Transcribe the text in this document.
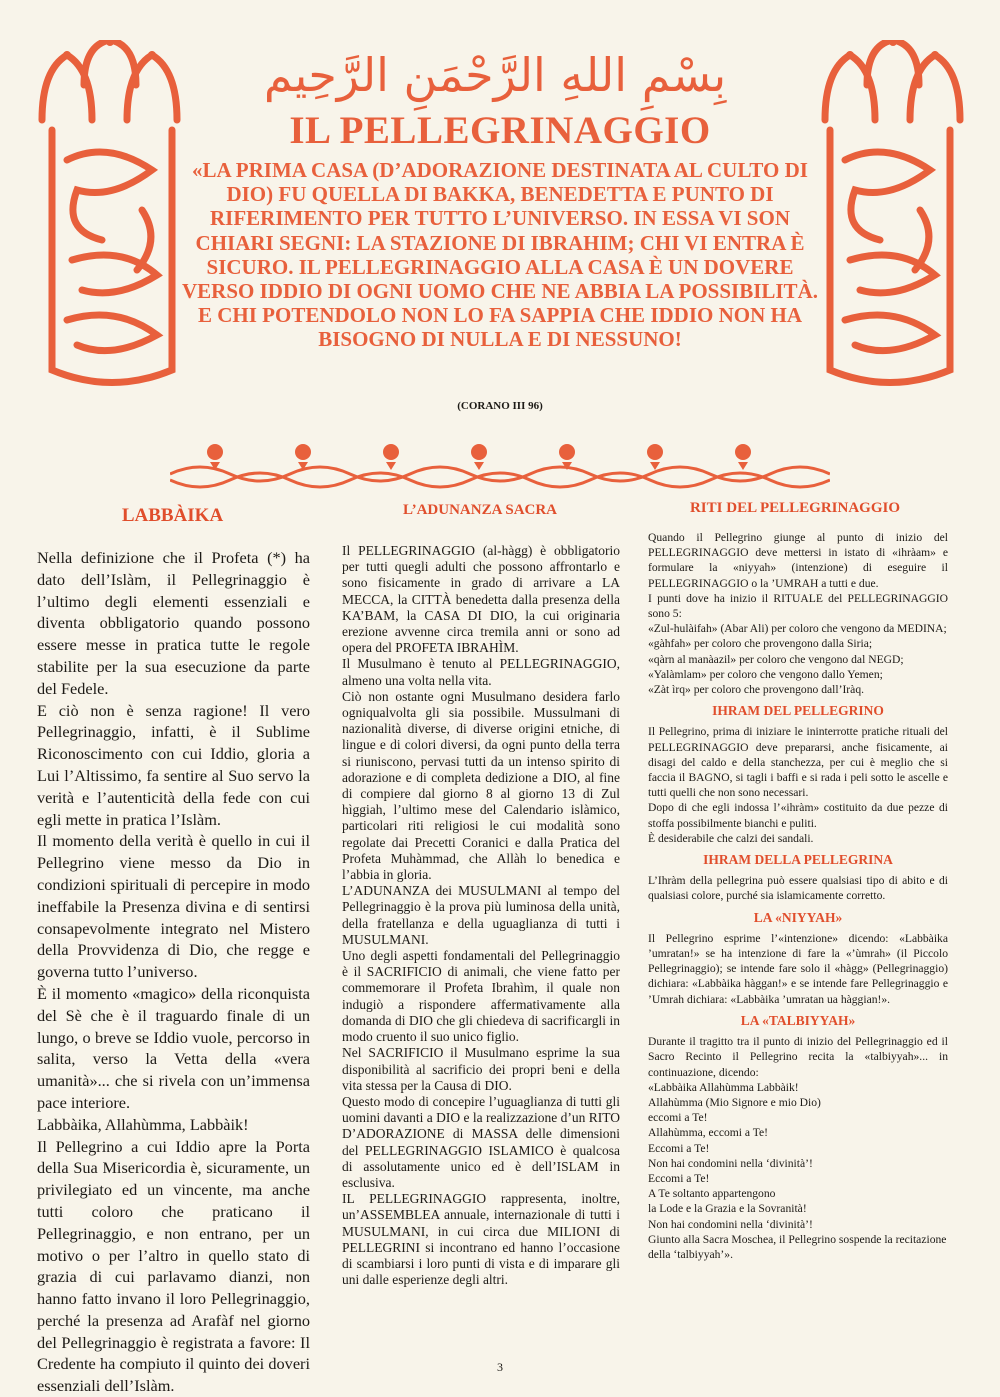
بِسْمِ اللهِ الرَّحْمَنِ الرَّحِيم
IL PELLEGRINAGGIO
«LA PRIMA CASA (D’ADORAZIONE DESTINATA AL CULTO DI DIO) FU QUELLA DI BAKKA, BENEDETTA E PUNTO DI RIFERIMENTO PER TUTTO L’UNIVERSO. IN ESSA VI SON CHIARI SEGNI: LA STAZIONE DI IBRAHIM; CHI VI ENTRA È SICURO. IL PELLEGRINAGGIO ALLA CASA È UN DOVERE VERSO IDDIO DI OGNI UOMO CHE NE ABBIA LA POSSIBILITÀ. E CHI POTENDOLO NON LO FA SAPPIA CHE IDDIO NON HA BISOGNO DI NULLA E DI NESSUNO!
(CORANO III 96)
LABBÀIKA

Nella definizione che il Profeta (*) ha dato dell’Islàm, il Pellegrinaggio è l’ultimo degli elementi essenziali e diventa obbligatorio quando possono essere messe in pratica tutte le regole stabilite per la sua esecuzione da parte del Fedele.

E ciò non è senza ragione! Il vero Pellegrinaggio, infatti, è il Sublime Riconoscimento con cui Iddio, gloria a Lui l’Altissimo, fa sentire al Suo servo la verità e l’autenticità della fede con cui egli mette in pratica l’Islàm.

Il momento della verità è quello in cui il Pellegrino viene messo da Dio in condizioni spirituali di percepire in modo ineffabile la Presenza divina e di sentirsi consapevolmente integrato nel Mistero della Provvidenza di Dio, che regge e governa tutto l’universo.

È il momento «magico» della riconquista del Sè che è il traguardo finale di un lungo, o breve se Iddio vuole, percorso in salita, verso la Vetta della «vera umanità»... che si rivela con un’immensa pace interiore.

Labbàika, Allahùmma, Labbàik!

Il Pellegrino a cui Iddio apre la Porta della Sua Misericordia è, sicuramente, un privilegiato ed un vincente, ma anche tutti coloro che praticano il Pellegrinaggio, e non entrano, per un motivo o per l’altro in quello stato di grazia di cui parlavamo dianzi, non hanno fatto invano il loro Pellegrinaggio, perché la presenza ad Arafàf nel giorno del Pellegrinaggio è registrata a favore: Il Credente ha compiuto il quinto dei doveri essenziali dell’Islàm.

L’ADUNANZA SACRA

Il PELLEGRINAGGIO (al-hàgg) è obbligatorio per tutti quegli adulti che possono affrontarlo e sono fisicamente in grado di arrivare a LA MECCA, la CITTÀ benedetta dalla presenza della KA’BAM, la CASA DI DIO, la cui originaria erezione avvenne circa tremila anni or sono ad opera del PROFETA IBRAHÌM.

Il Musulmano è tenuto al PELLEGRINAGGIO, almeno una volta nella vita.

Ciò non ostante ogni Musulmano desidera farlo ogniqualvolta gli sia possibile. Mussulmani di nazionalità diverse, di diverse origini etniche, di lingue e di colori diversi, da ogni punto della terra si riuniscono, pervasi tutti da un intenso spirito di adorazione e di completa dedizione a DIO, al fine di compiere dal giorno 8 al giorno 13 di Zul hìggiah, l’ultimo mese del Calendario islàmico, particolari riti religiosi le cui modalità sono regolate dai Precetti Coranici e dalla Pratica del Profeta Muhàmmad, che Allàh lo benedica e l’abbia in gloria.

L’ADUNANZA dei MUSULMANI al tempo del Pellegrinaggio è la prova più luminosa della unità, della fratellanza e della uguaglianza di tutti i MUSULMANI.

Uno degli aspetti fondamentali del Pellegrinaggio è il SACRIFICIO di animali, che viene fatto per commemorare il Profeta Ibrahìm, il quale non indugiò a rispondere affermativamente alla domanda di DIO che gli chiedeva di sacrificargli in modo cruento il suo unico figlio.

Nel SACRIFICIO il Musulmano esprime la sua disponibilità al sacrificio dei propri beni e della vita stessa per la Causa di DIO.

Questo modo di concepire l’uguaglianza di tutti gli uomini davanti a DIO e la realizzazione d’un RITO D’ADORAZIONE di MASSA delle dimensioni del PELLEGRINAGGIO ISLAMICO è qualcosa di assolutamente unico ed è dell’ISLAM in esclusiva.

IL PELLEGRINAGGIO rappresenta, inoltre, un’ASSEMBLEA annuale, internazionale di tutti i MUSULMANI, in cui circa due MILIONI di PELLEGRINI si incontrano ed hanno l’occasione di scambiarsi i loro punti di vista e di imparare gli uni dalle esperienze degli altri.

RITI DEL PELLEGRINAGGIO

Quando il Pellegrino giunge al punto di inizio del PELLEGRINAGGIO deve mettersi in istato di «ihràam» e formulare la «niyyah» (intenzione) di eseguire il PELLEGRINAGGIO o la ’UMRAH a tutti e due.

I punti dove ha inizio il RITUALE del PELLEGRINAGGIO sono 5:

«Zul-hulàifah» (Abar Ali) per coloro che vengono da MEDINA;

«gàhfah» per coloro che provengono dalla Siria;

«qàrn al manàazil» per coloro che vengono dal NEGD;

«Yalàmlam» per coloro che vengono dallo Yemen;

«Zàt ìrq» per coloro che provengono dall’Iràq.

IHRAM DEL PELLEGRINO

Il Pellegrino, prima di iniziare le ininterrotte pratiche rituali del PELLEGRINAGGIO deve prepararsi, anche fisicamente, ai disagi del caldo e della stanchezza, per cui è meglio che si faccia il BAGNO, si tagli i baffi e si rada i peli sotto le ascelle e tutti quelli che non sono necessari.

Dopo di che egli indossa l’«ihràm» costituito da due pezze di stoffa possibilmente bianchi e puliti.

È desiderabile che calzi dei sandali.

IHRAM DELLA PELLEGRINA

L’Ihràm della pellegrina può essere qualsiasi tipo di abito e di qualsiasi colore, purché sia islamicamente corretto.

LA «NIYYAH»

Il Pellegrino esprime l’«intenzione» dicendo: «Labbàika ’umratan!» se ha intenzione di fare la «’ùmrah» (il Piccolo Pellegrinaggio); se intende fare solo il «hàgg» (Pellegrinaggio) dichiara: «Labbàika hàggan!» e se intende fare Pellegrinaggio e ’Umrah dichiara: «Labbàika ’umratan ua hàggian!».

LA «TALBIYYAH»

Durante il tragitto tra il punto di inizio del Pellegrinaggio ed il Sacro Recinto il Pellegrino recita la «talbiyyah»... in continuazione, dicendo:

«Labbàika Allahùmma Labbàik!

Allahùmma (Mio Signore e mio Dio)

eccomi a Te!

Allahùmma, eccomi a Te!

Eccomi a Te!

Non hai condomini nella ‘divinità’!

Eccomi a Te!

A Te soltanto appartengono

la Lode e la Grazia e la Sovranità!

Non hai condomini nella ‘divinità’!

Giunto alla Sacra Moschea, il Pellegrino sospende la recitazione della ‘talbiyyah’».

3
